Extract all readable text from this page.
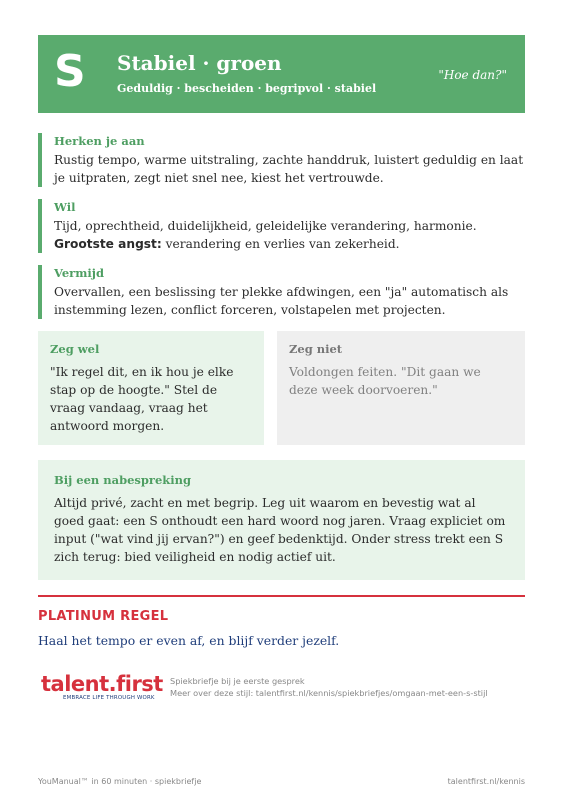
S Stabiel · groen
Geduldig · bescheiden · begripvol · stabiel
"Hoe dan?"
Herken je aan
Rustig tempo, warme uitstraling, zachte handdruk, luistert geduldig en laat je uitpraten, zegt niet snel nee, kiest het vertrouwde.
Wil
Tijd, oprechtheid, duidelijkheid, geleidelijke verandering, harmonie. Grootste angst: verandering en verlies van zekerheid.
Vermijd
Overvallen, een beslissing ter plekke afdwingen, een "ja" automatisch als instemming lezen, conflict forceren, volstapelen met projecten.
Zeg wel
"Ik regel dit, en ik hou je elke stap op de hoogte." Stel de vraag vandaag, vraag het antwoord morgen.
Zeg niet
Voldongen feiten. "Dit gaan we deze week doorvoeren."
Bij een nabespreking
Altijd privé, zacht en met begrip. Leg uit waarom en bevestig wat al goed gaat: een S onthoudt een hard woord nog jaren. Vraag expliciet om input ("wat vind jij ervan?") en geef bedenktijd. Onder stress trekt een S zich terug: bied veiligheid en nodig actief uit.
PLATINUM REGEL
Haal het tempo er even af, en blijf verder jezelf.
talent.first
EMBRACE LIFE THROUGH WORK
Spiekbriefje bij je eerste gesprek
Meer over deze stijl: talentfirst.nl/kennis/spiekbriefjes/omgaan-met-een-s-stijl
YouManual™ in 60 minuten · spiekbriefje	talentfirst.nl/kennis
